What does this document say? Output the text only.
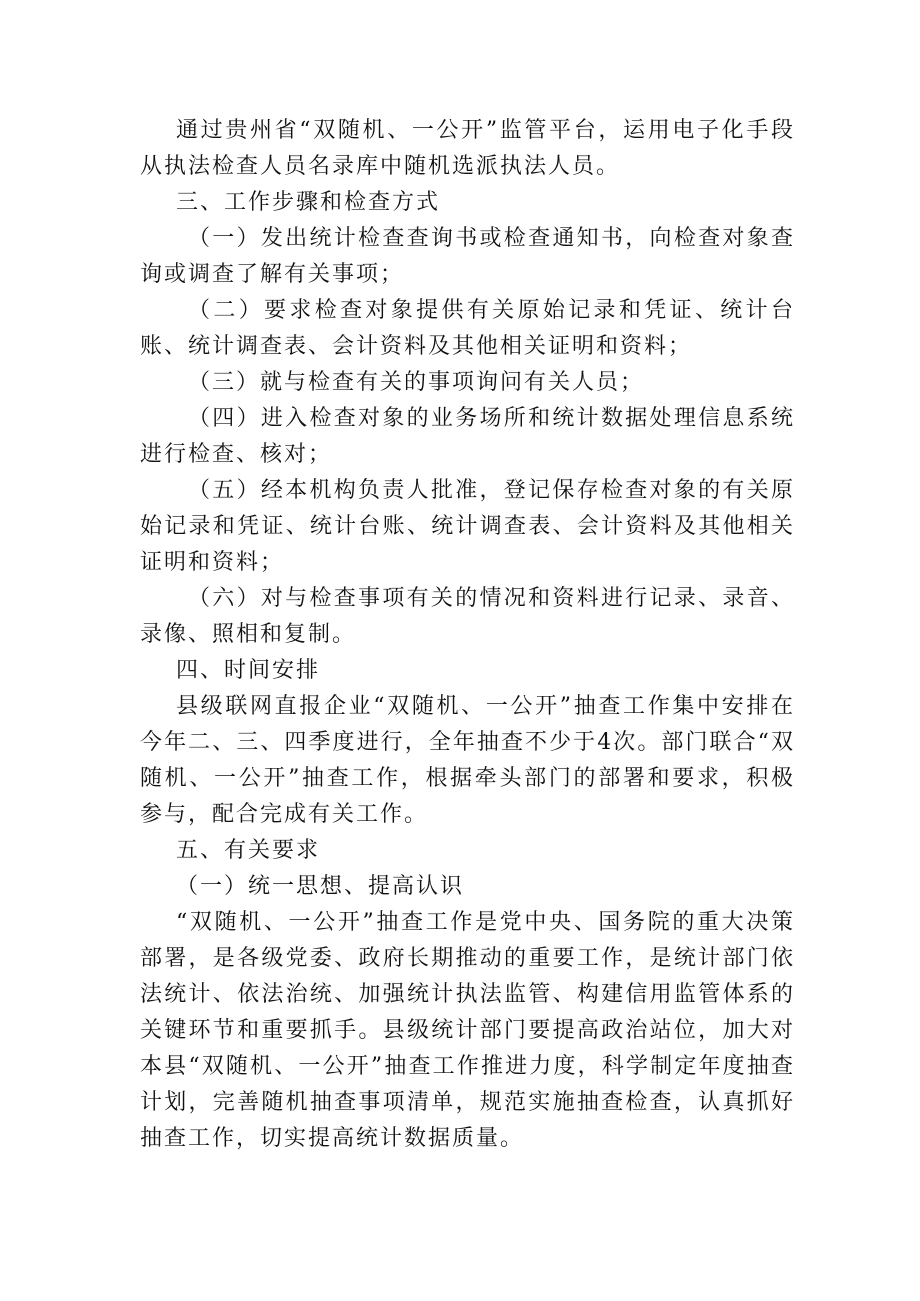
通过贵州省“双随机、一公开”监管平台，运用电子化手段从执法检查人员名录库中随机选派执法人员。

三、工作步骤和检查方式

（一）发出统计检查查询书或检查通知书，向检查对象查询或调查了解有关事项；

（二）要求检查对象提供有关原始记录和凭证、统计台账、统计调查表、会计资料及其他相关证明和资料；

（三）就与检查有关的事项询问有关人员；

（四）进入检查对象的业务场所和统计数据处理信息系统进行检查、核对；

（五）经本机构负责人批准，登记保存检查对象的有关原始记录和凭证、统计台账、统计调查表、会计资料及其他相关证明和资料；

（六）对与检查事项有关的情况和资料进行记录、录音、录像、照相和复制。

四、时间安排

县级联网直报企业“双随机、一公开”抽查工作集中安排在今年二、三、四季度进行，全年抽查不少于4次。部门联合“双随机、一公开”抽查工作，根据牵头部门的部署和要求，积极参与，配合完成有关工作。

五、有关要求

（一）统一思想、提高认识

“双随机、一公开”抽查工作是党中央、国务院的重大决策部署，是各级党委、政府长期推动的重要工作，是统计部门依法统计、依法治统、加强统计执法监管、构建信用监管体系的关键环节和重要抓手。县级统计部门要提高政治站位，加大对本县“双随机、一公开”抽查工作推进力度，科学制定年度抽查计划，完善随机抽查事项清单，规范实施抽查检查，认真抓好抽查工作，切实提高统计数据质量。
